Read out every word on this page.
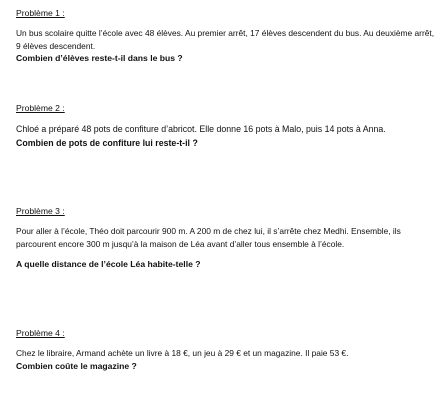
Problème 1 :

Un bus scolaire quitte l’école avec 48 élèves. Au premier arrêt, 17 élèves descendent du bus. Au deuxième arrêt, 9 élèves descendent.

Combien d’élèves reste-t-il dans le bus ?

Problème 2 :

Chloé a préparé 48 pots de confiture d’abricot. Elle donne 16 pots à Malo, puis 14 pots à Anna.

Combien de pots de confiture lui reste-t-il ?

Problème 3 :

Pour aller à l’école, Théo doit parcourir 900 m. A 200 m de chez lui, il s’arrête chez Medhi. Ensemble, ils parcourent encore 300 m jusqu’à la maison de Léa avant d’aller tous ensemble à l’école.

A quelle distance de l’école Léa habite-telle ?

Problème 4 :

Chez le libraire, Armand achète un livre à 18 €, un jeu à 29 € et un magazine. Il paie 53 €.

Combien coûte le magazine ?
